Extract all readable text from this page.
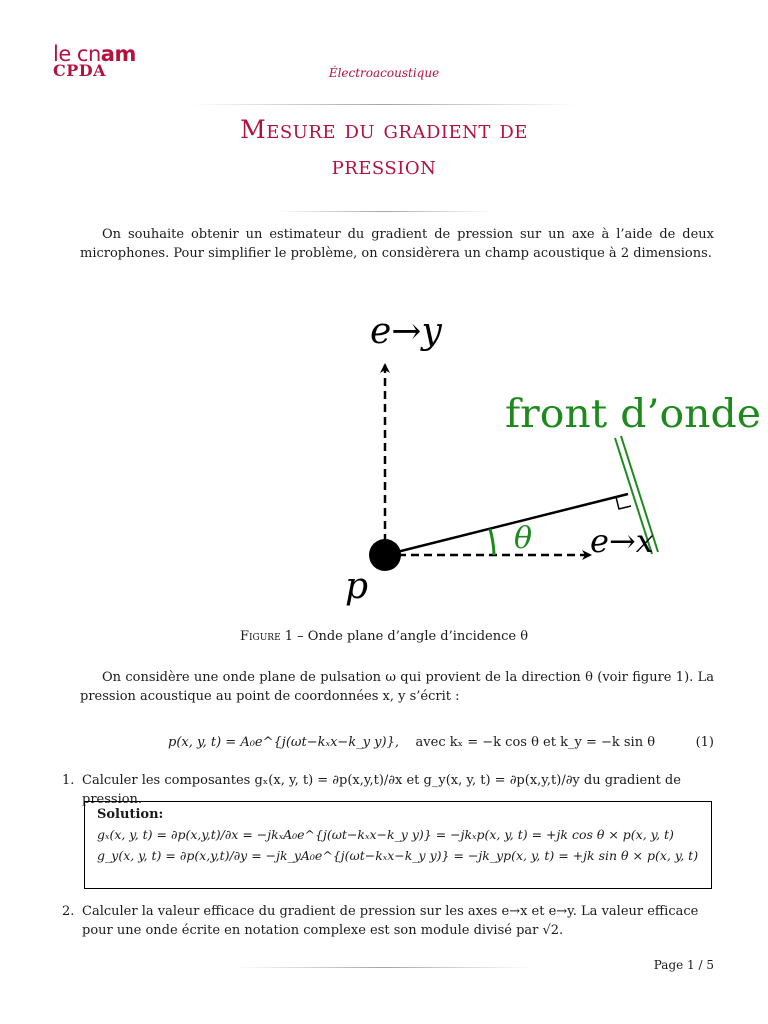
le cnam
CPDA	Électroacoustique
Mesure du gradient de
pression
On souhaite obtenir un estimateur du gradient de pression sur un axe à l’aide de deux microphones. Pour simplifier le problème, on considèrera un champ acoustique à 2 dimensions.
e→y
e→x
θ
p
front d’onde
Figure 1 – Onde plane d’angle d’incidence θ
On considère une onde plane de pulsation ω qui provient de la direction θ (voir figure 1). La pression acoustique au point de coordonnées x, y s’écrit :
p(x, y, t) = A₀e^{j(ωt−kₓx−k_y y)}, avec kₓ = −k cos θ et k_y = −k sin θ	(1)
1. Calculer les composantes gₓ(x, y, t) = ∂p(x,y,t)/∂x et g_y(x, y, t) = ∂p(x,y,t)/∂y du gradient de pression.
Solution:
gₓ(x, y, t) = ∂p(x,y,t)/∂x = −jkₓA₀e^{j(ωt−kₓx−k_y y)} = −jkₓp(x, y, t) = +jk cos θ × p(x, y, t)
g_y(x, y, t) = ∂p(x,y,t)/∂y = −jk_yA₀e^{j(ωt−kₓx−k_y y)} = −jk_yp(x, y, t) = +jk sin θ × p(x, y, t)
2. Calculer la valeur efficace du gradient de pression sur les axes e→x et e→y. La valeur efficace pour une onde écrite en notation complexe est son module divisé par √2.
Page 1 / 5
